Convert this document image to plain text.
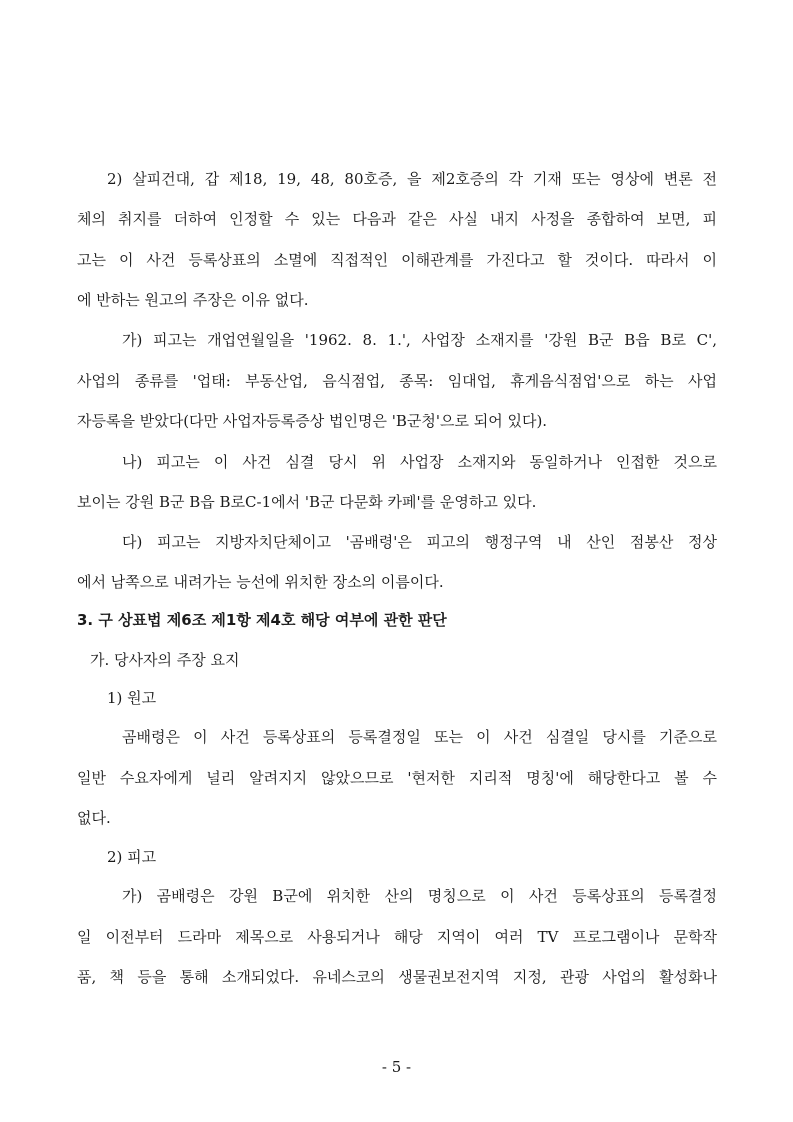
2) 살피건대, 갑 제18, 19, 48, 80호증, 을 제2호증의 각 기재 또는 영상에 변론 전
체의 취지를 더하여 인정할 수 있는 다음과 같은 사실 내지 사정을 종합하여 보면, 피
고는 이 사건 등록상표의 소멸에 직접적인 이해관계를 가진다고 할 것이다. 따라서 이
에 반하는 원고의 주장은 이유 없다.
가) 피고는 개업연월일을 '1962. 8. 1.', 사업장 소재지를 '강원 B군 B읍 B로 C',
사업의 종류를 '업태: 부동산업, 음식점업, 종목: 임대업, 휴게음식점업'으로 하는 사업
자등록을 받았다(다만 사업자등록증상 법인명은 'B군청'으로 되어 있다).
나) 피고는 이 사건 심결 당시 위 사업장 소재지와 동일하거나 인접한 것으로
보이는 강원 B군 B읍 B로C-1에서 'B군 다문화 카페'를 운영하고 있다.
다) 피고는 지방자치단체이고 '곰배령'은 피고의 행정구역 내 산인 점봉산 정상
에서 남쪽으로 내려가는 능선에 위치한 장소의 이름이다.
3. 구 상표법 제6조 제1항 제4호 해당 여부에 관한 판단
가. 당사자의 주장 요지
1) 원고
곰배령은 이 사건 등록상표의 등록결정일 또는 이 사건 심결일 당시를 기준으로
일반 수요자에게 널리 알려지지 않았으므로 '현저한 지리적 명칭'에 해당한다고 볼 수
없다.
2) 피고
가) 곰배령은 강원 B군에 위치한 산의 명칭으로 이 사건 등록상표의 등록결정
일 이전부터 드라마 제목으로 사용되거나 해당 지역이 여러 TV 프로그램이나 문학작
품, 책 등을 통해 소개되었다. 유네스코의 생물권보전지역 지정, 관광 사업의 활성화나
- 5 -
